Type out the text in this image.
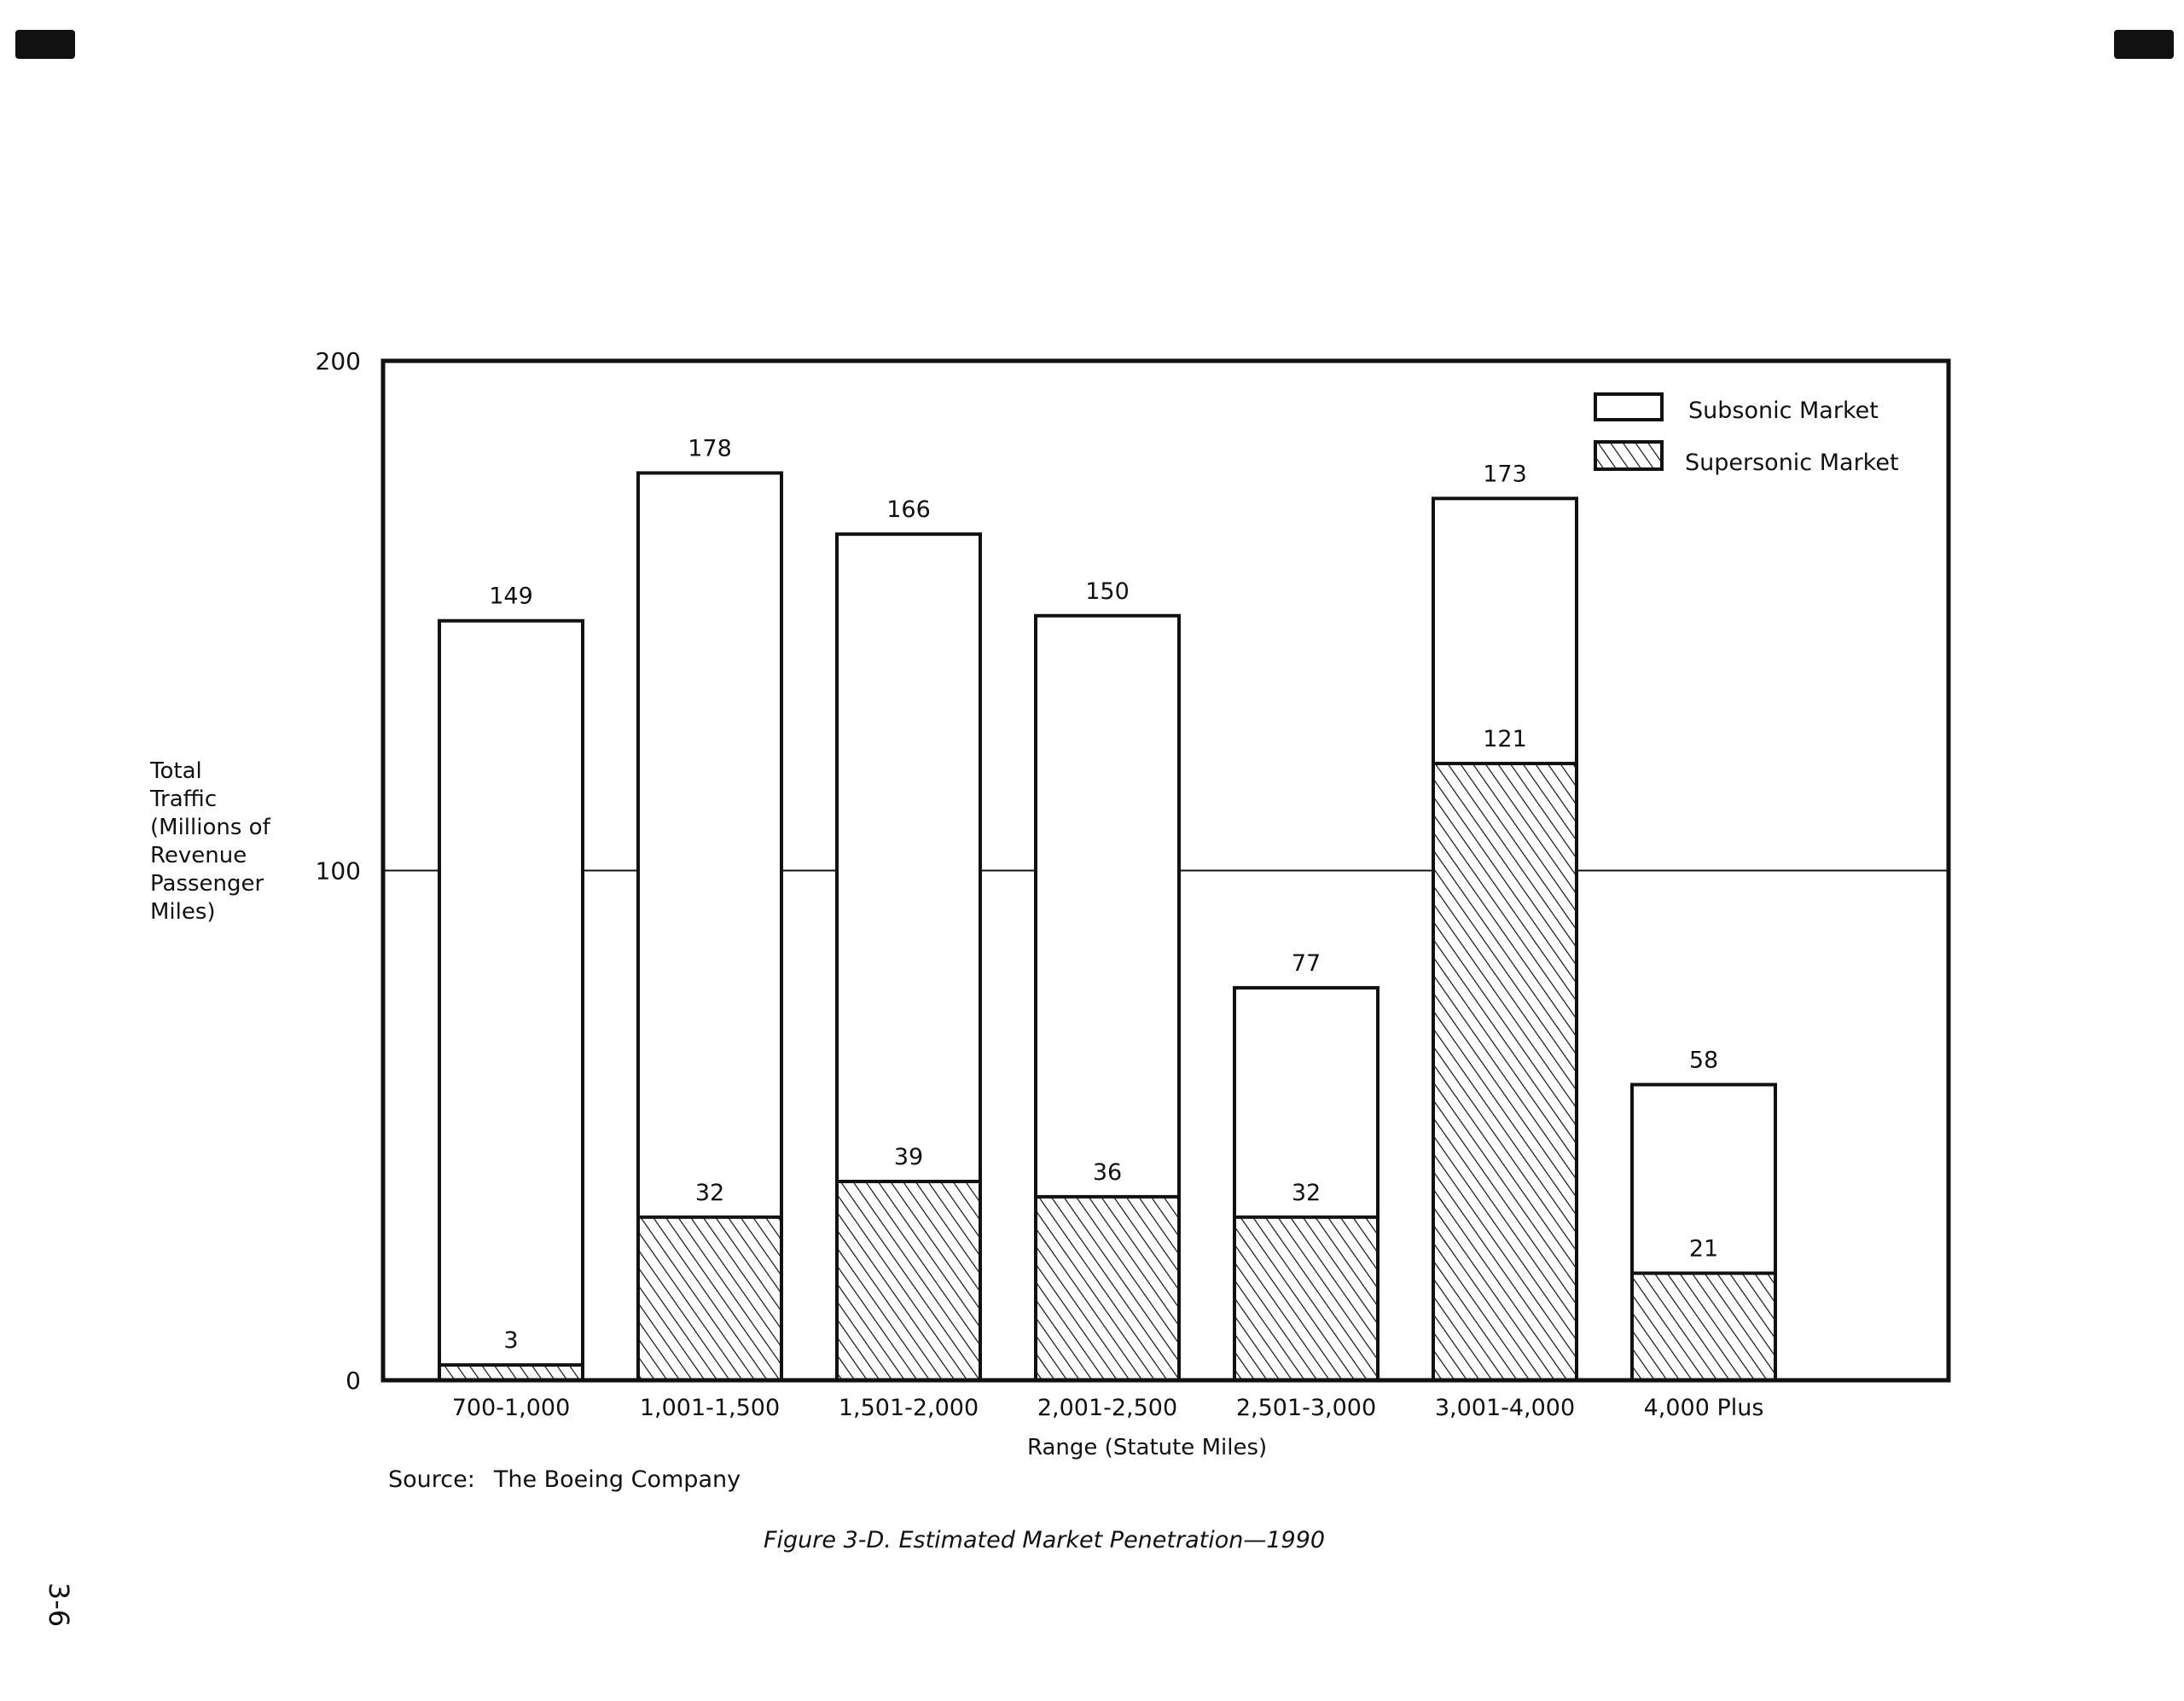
0
100
200
149
3
700-1,000
178
32
1,001-1,500
166
39
1,501-2,000
150
36
2,001-2,500
77
32
2,501-3,000
173
121
3,001-4,000
58
21
4,000 Plus
Subsonic Market
Supersonic Market
Total
Traffic
(Millions of
Revenue
Passenger
Miles)
Range (Statute Miles)
Source: The Boeing Company
Figure 3-D. Estimated Market Penetration—1990
3-6
